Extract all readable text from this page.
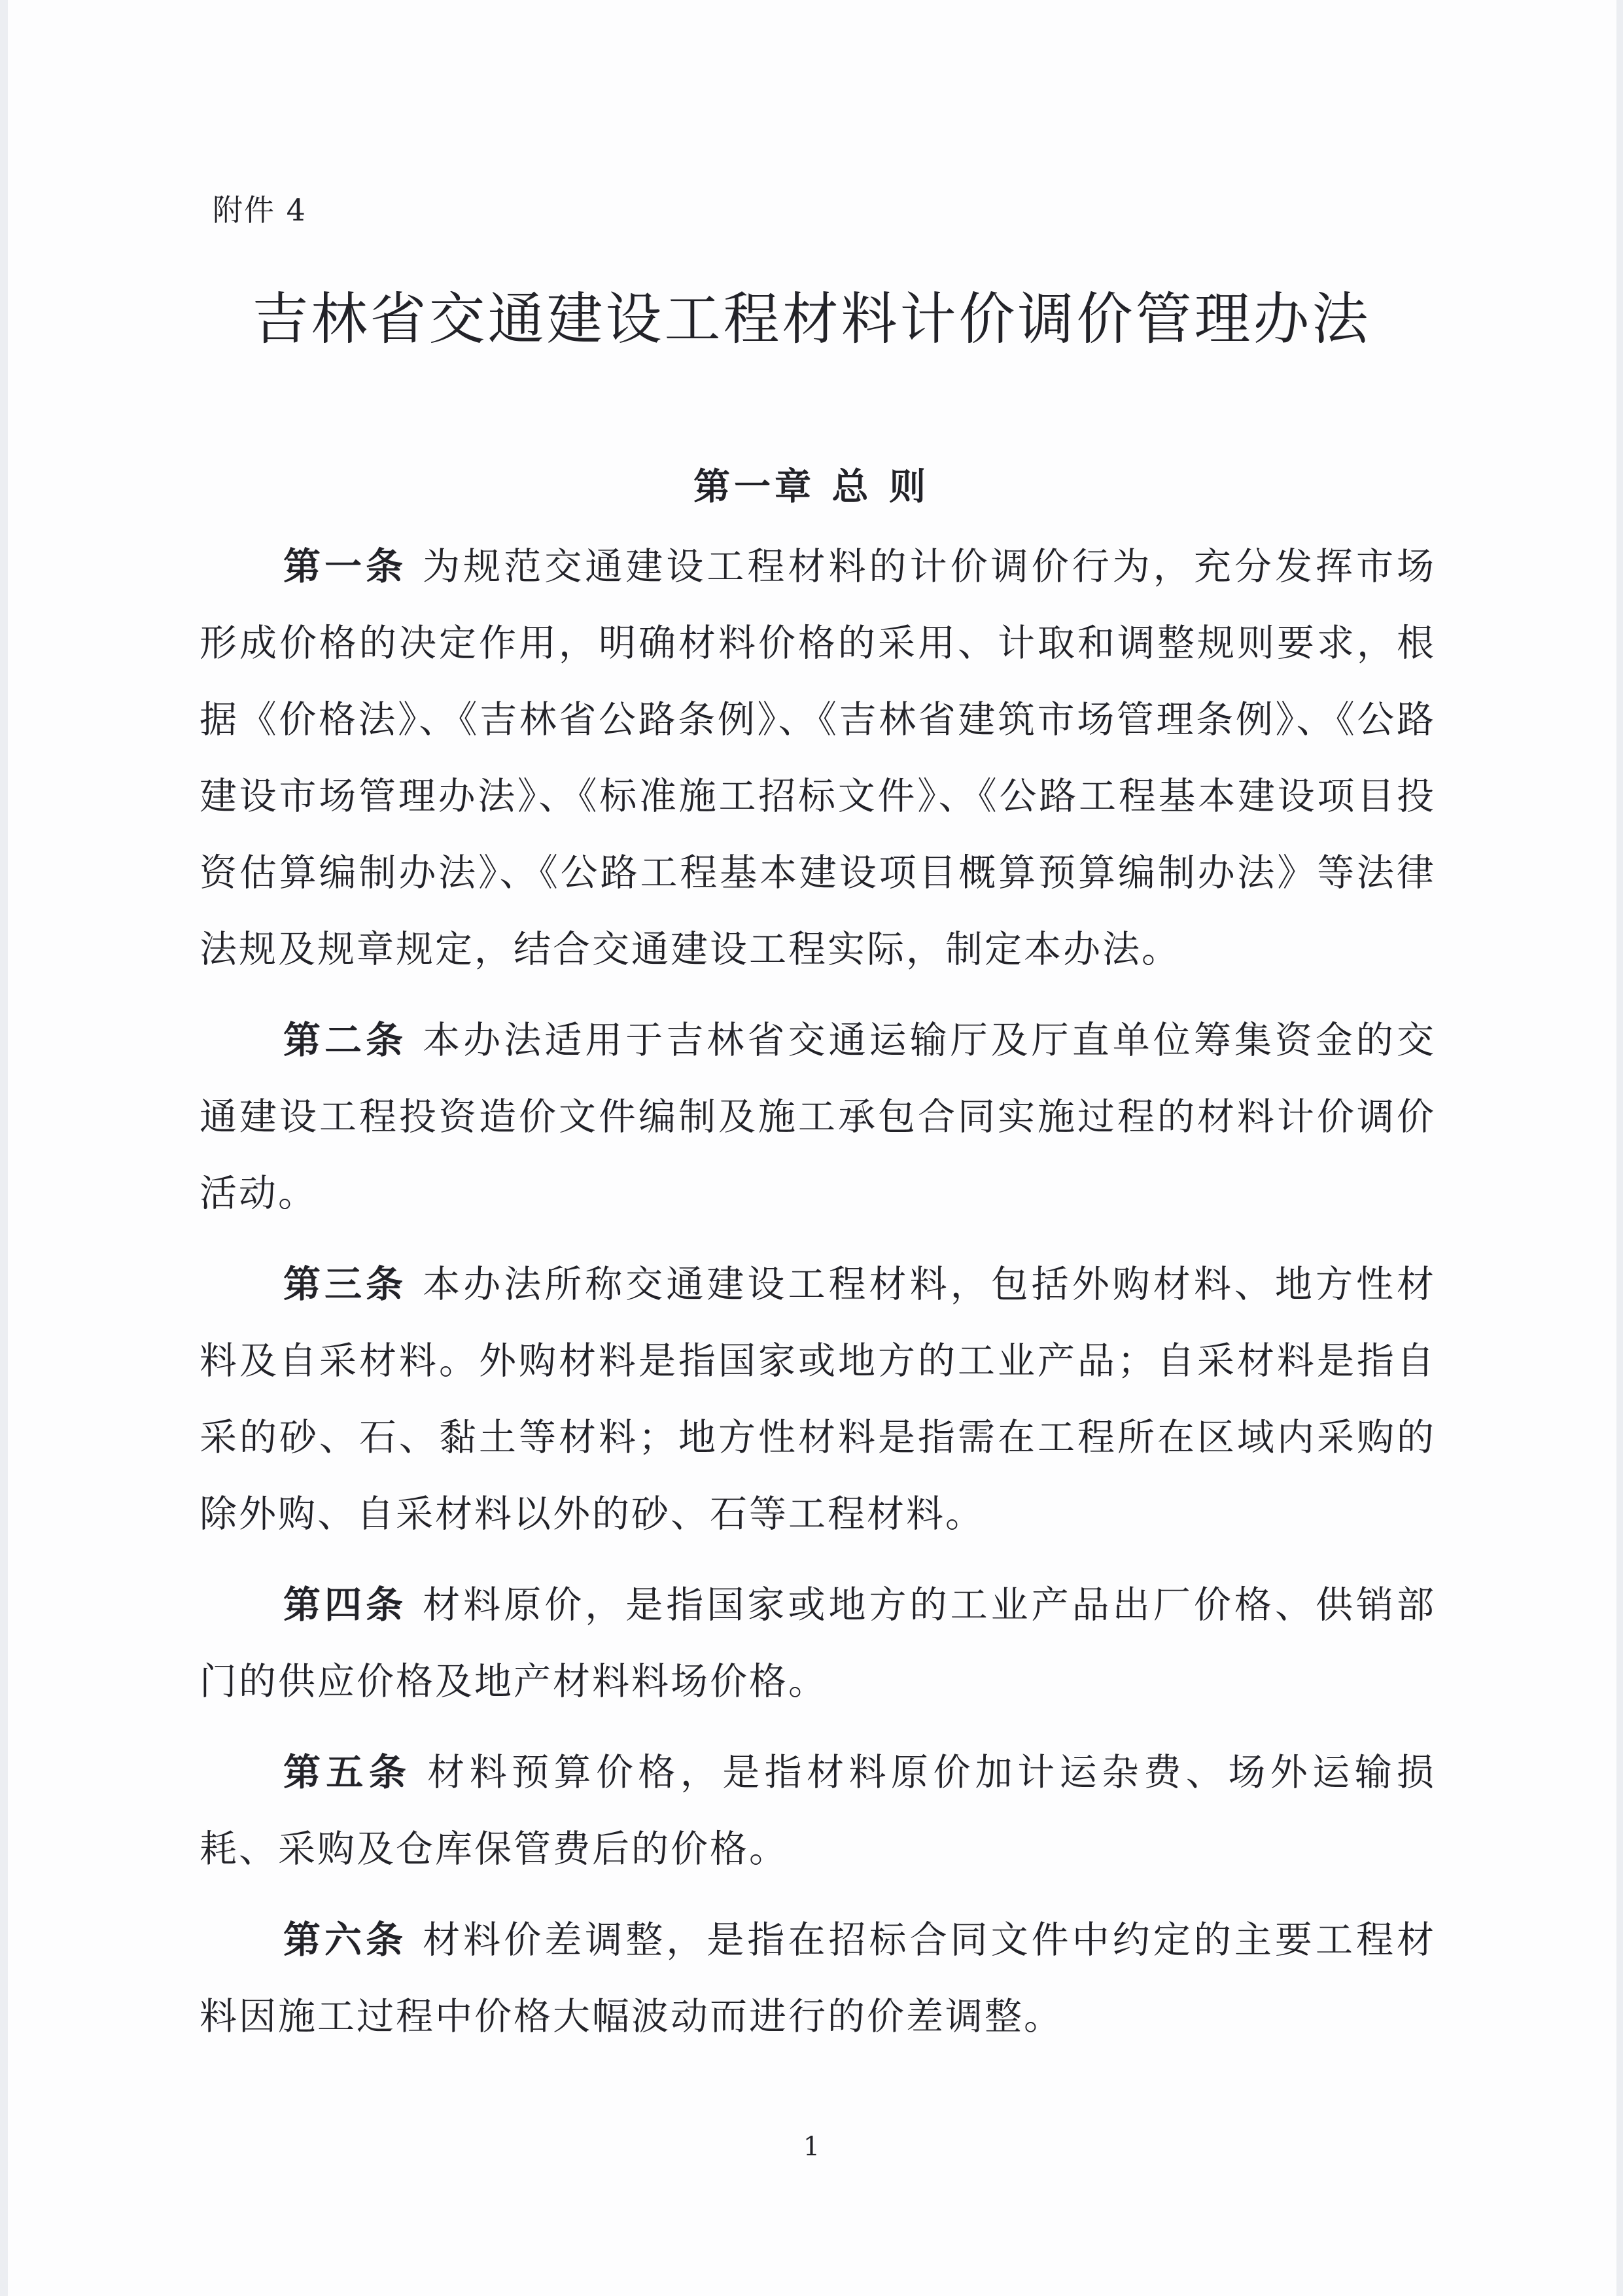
附件 4
吉林省交通建设工程材料计价调价管理办法
第一章 总 则

第一条 为规范交通建设工程材料的计价调价行为，充分发挥市场形成价格的决定作用，明确材料价格的采用、计取和调整规则要求，根据《价格法》、《吉林省公路条例》、《吉林省建筑市场管理条例》、《公路建设市场管理办法》、《标准施工招标文件》、《公路工程基本建设项目投资估算编制办法》、《公路工程基本建设项目概算预算编制办法》等法律法规及规章规定，结合交通建设工程实际，制定本办法。

第二条 本办法适用于吉林省交通运输厅及厅直单位筹集资金的交通建设工程投资造价文件编制及施工承包合同实施过程的材料计价调价活动。

第三条 本办法所称交通建设工程材料，包括外购材料、地方性材料及自采材料。外购材料是指国家或地方的工业产品；自采材料是指自采的砂、石、黏土等材料；地方性材料是指需在工程所在区域内采购的除外购、自采材料以外的砂、石等工程材料。

第四条 材料原价，是指国家或地方的工业产品出厂价格、供销部门的供应价格及地产材料料场价格。

第五条 材料预算价格，是指材料原价加计运杂费、场外运输损耗、采购及仓库保管费后的价格。

第六条 材料价差调整，是指在招标合同文件中约定的主要工程材料因施工过程中价格大幅波动而进行的价差调整。

1
